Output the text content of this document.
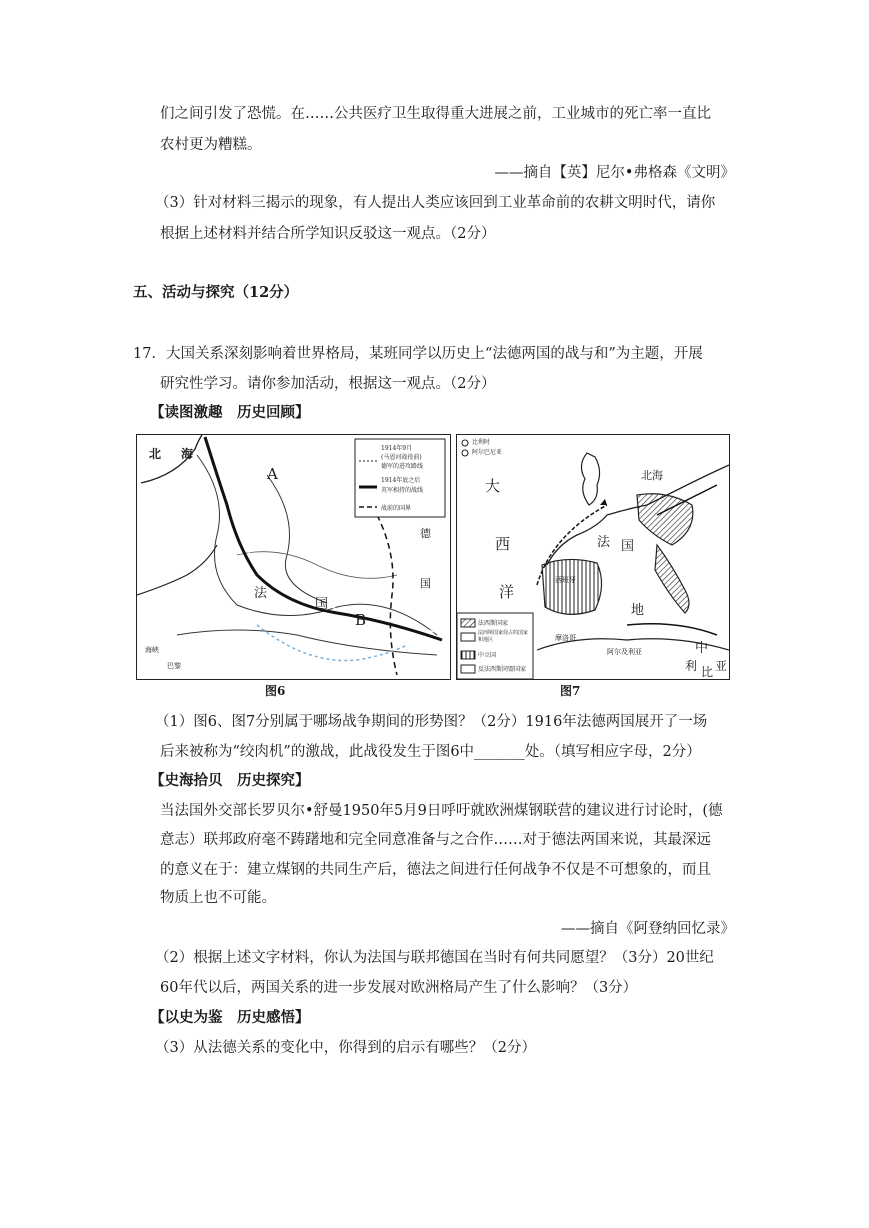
们之间引发了恐慌。在……公共医疗卫生取得重大进展之前，工业城市的死亡率一直比
农村更为糟糕。
——摘自【英】尼尔•弗格森《文明》
（3）针对材料三揭示的现象，有人提出人类应该回到工业革命前的农耕文明时代，请你
根据上述材料并结合所学知识反驳这一观点。（2分）
五、活动与探究（12分）
17．大国关系深刻影响着世界格局，某班同学以历史上“法德两国的战与和”为主题，开展
研究性学习。请你参加活动，根据这一观点。（2分）
【读图激趣　历史回顾】
北 海
A
B
法
国
德
国
1914年9月
(马恩河战役前)
德军的进攻路线
1914年底之后
英军相持的战线
战前的国界
海峡
巴黎
图6
比利时
阿尔巴尼亚
大
西
洋
北海
法 国
地
中
西班牙
摩洛哥
阿尔及利亚
利 比 亚
法西斯国家
法西斯国家侵占的国家和地区
中立国
反法西斯同盟国家
图7
（1）图6、图7分别属于哪场战争期间的形势图？（2分）1916年法德两国展开了一场
后来被称为“绞肉机”的激战，此战役发生于图6中_______处。（填写相应字母，2分）
【史海拾贝　历史探究】
当法国外交部长罗贝尔•舒曼1950年5月9日呼吁就欧洲煤钢联营的建议进行讨论时，(德
意志）联邦政府毫不踌躇地和完全同意准备与之合作……对于德法两国来说，其最深远
的意义在于：建立煤钢的共同生产后，德法之间进行任何战争不仅是不可想象的，而且
物质上也不可能。
——摘自《阿登纳回忆录》
（2）根据上述文字材料，你认为法国与联邦德国在当时有何共同愿望？（3分）20世纪
60年代以后，两国关系的进一步发展对欧洲格局产生了什么影响？（3分）
【以史为鉴　历史感悟】
（3）从法德关系的变化中，你得到的启示有哪些？（2分）
